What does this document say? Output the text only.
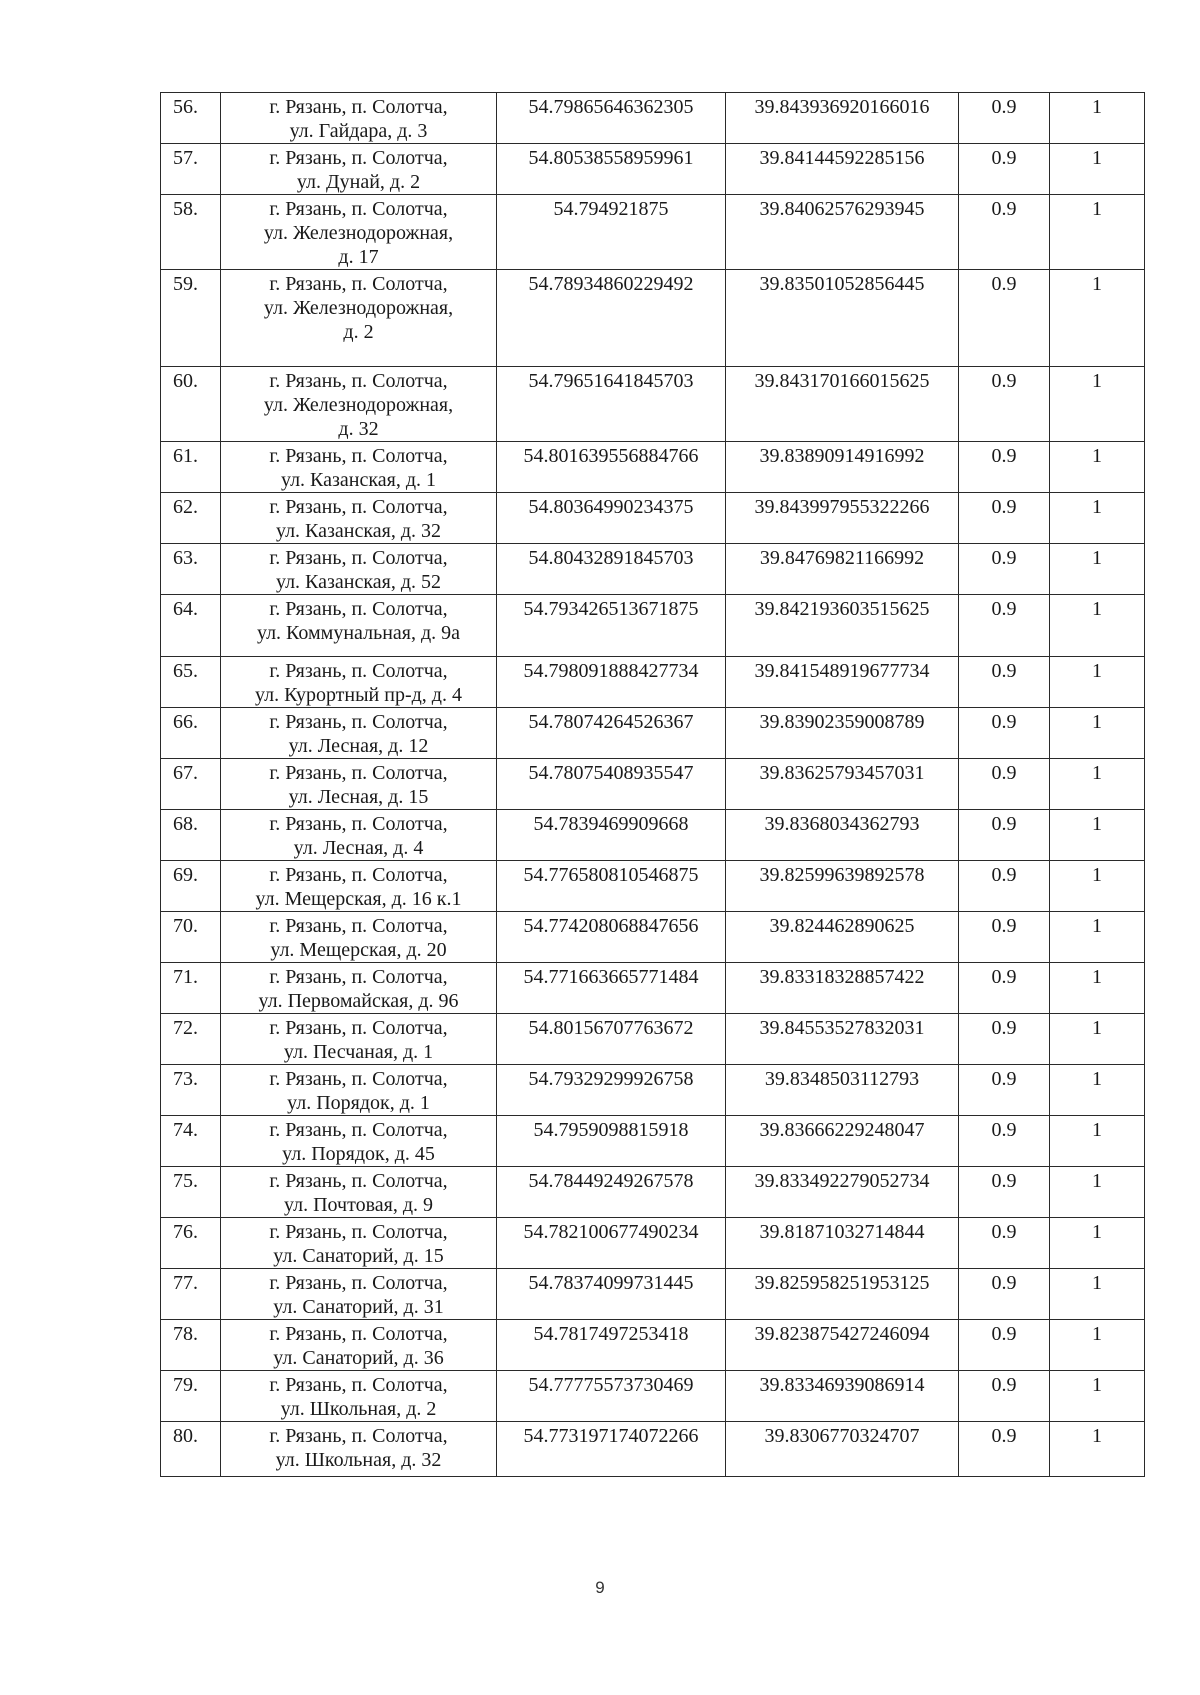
56.	г. Рязань, п. Солотча,
ул. Гайдара, д. 3	54.79865646362305	39.843936920166016	0.9	1
57.	г. Рязань, п. Солотча,
ул. Дунай, д. 2	54.80538558959961	39.84144592285156	0.9	1
58.	г. Рязань, п. Солотча,
ул. Железнодорожная,
д. 17	54.794921875	39.84062576293945	0.9	1
59.	г. Рязань, п. Солотча,
ул. Железнодорожная,
д. 2	54.78934860229492	39.83501052856445	0.9	1
60.	г. Рязань, п. Солотча,
ул. Железнодорожная,
д. 32	54.79651641845703	39.843170166015625	0.9	1
61.	г. Рязань, п. Солотча,
ул. Казанская, д. 1	54.801639556884766	39.83890914916992	0.9	1
62.	г. Рязань, п. Солотча,
ул. Казанская, д. 32	54.80364990234375	39.843997955322266	0.9	1
63.	г. Рязань, п. Солотча,
ул. Казанская, д. 52	54.80432891845703	39.84769821166992	0.9	1
64.	г. Рязань, п. Солотча,
ул. Коммунальная, д. 9а	54.793426513671875	39.842193603515625	0.9	1
65.	г. Рязань, п. Солотча,
ул. Курортный пр-д, д. 4	54.798091888427734	39.841548919677734	0.9	1
66.	г. Рязань, п. Солотча,
ул. Лесная, д. 12	54.78074264526367	39.83902359008789	0.9	1
67.	г. Рязань, п. Солотча,
ул. Лесная, д. 15	54.78075408935547	39.83625793457031	0.9	1
68.	г. Рязань, п. Солотча,
ул. Лесная, д. 4	54.7839469909668	39.8368034362793	0.9	1
69.	г. Рязань, п. Солотча,
ул. Мещерская, д. 16 к.1	54.776580810546875	39.82599639892578	0.9	1
70.	г. Рязань, п. Солотча,
ул. Мещерская, д. 20	54.774208068847656	39.824462890625	0.9	1
71.	г. Рязань, п. Солотча,
ул. Первомайская, д. 96	54.771663665771484	39.83318328857422	0.9	1
72.	г. Рязань, п. Солотча,
ул. Песчаная, д. 1	54.80156707763672	39.84553527832031	0.9	1
73.	г. Рязань, п. Солотча,
ул. Порядок, д. 1	54.79329299926758	39.8348503112793	0.9	1
74.	г. Рязань, п. Солотча,
ул. Порядок, д. 45	54.7959098815918	39.83666229248047	0.9	1
75.	г. Рязань, п. Солотча,
ул. Почтовая, д. 9	54.78449249267578	39.833492279052734	0.9	1
76.	г. Рязань, п. Солотча,
ул. Санаторий, д. 15	54.782100677490234	39.81871032714844	0.9	1
77.	г. Рязань, п. Солотча,
ул. Санаторий, д. 31	54.78374099731445	39.825958251953125	0.9	1
78.	г. Рязань, п. Солотча,
ул. Санаторий, д. 36	54.7817497253418	39.823875427246094	0.9	1
79.	г. Рязань, п. Солотча,
ул. Школьная, д. 2	54.77775573730469	39.83346939086914	0.9	1
80.	г. Рязань, п. Солотча,
ул. Школьная, д. 32	54.773197174072266	39.8306770324707	0.9	1
9
